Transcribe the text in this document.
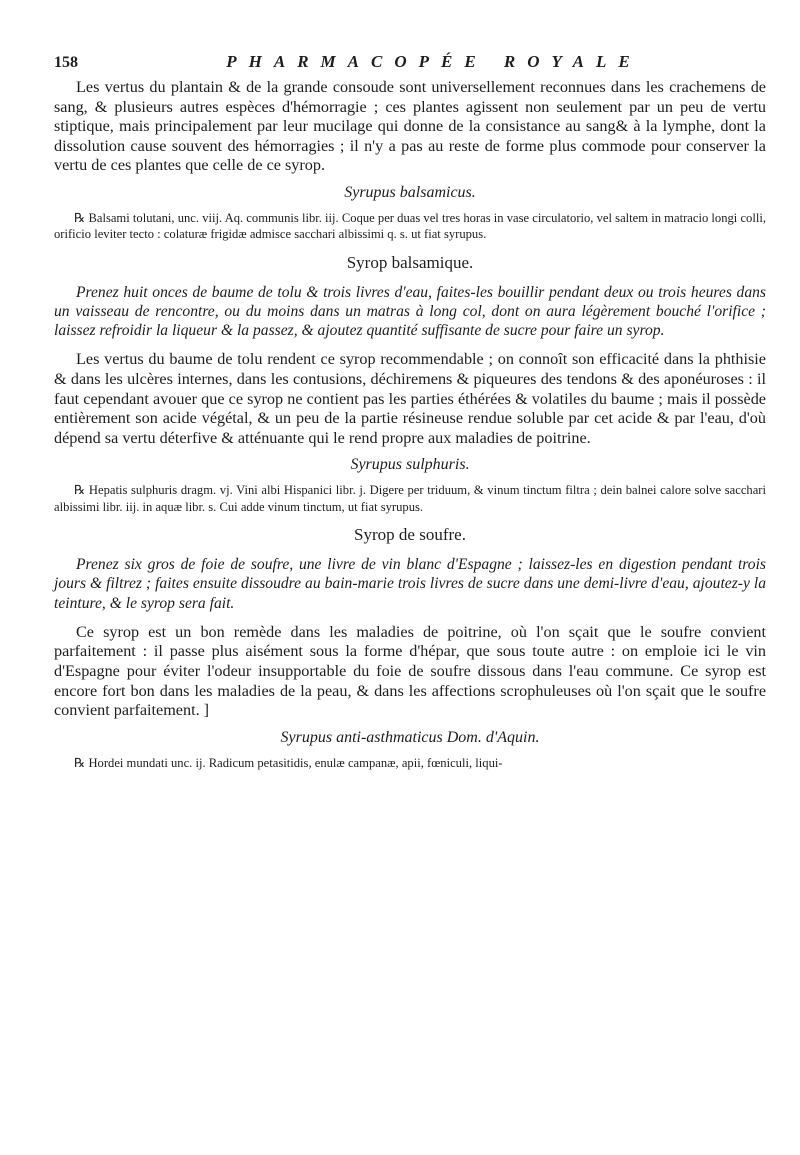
158	PHARMACOPÉE ROYALE

Les vertus du plantain & de la grande consoude sont universellement reconnues dans les crachemens de sang, & plusieurs autres espèces d'hémorragie ; ces plantes agissent non seulement par un peu de vertu stiptique, mais principalement par leur mucilage qui donne de la consistance au sang& à la lymphe, dont la dissolution cause souvent des hémorragies ; il n'y a pas au reste de forme plus commode pour conserver la vertu de ces plantes que celle de ce syrop.

Syrupus balsamicus.

℞ Balsami tolutani, unc. viij. Aq. communis libr. iij. Coque per duas vel tres horas in vase circulatorio, vel saltem in matracio longi colli, orificio leviter tecto : colaturæ frigidæ admisce sacchari albissimi q. s. ut fiat syrupus.

Syrop balsamique.

Prenez huit onces de baume de tolu & trois livres d'eau, faites-les bouillir pendant deux ou trois heures dans un vaisseau de rencontre, ou du moins dans un matras à long col, dont on aura légèrement bouché l'orifice ; laissez refroidir la liqueur & la passez, & ajoutez quantité suffisante de sucre pour faire un syrop.

Les vertus du baume de tolu rendent ce syrop recommendable ; on connoît son efficacité dans la phthisie & dans les ulcères internes, dans les contusions, déchiremens & piqueures des tendons & des aponéuroses : il faut cependant avouer que ce syrop ne contient pas les parties éthérées & volatiles du baume ; mais il possède entièrement son acide végétal, & un peu de la partie résineuse rendue soluble par cet acide & par l'eau, d'où dépend sa vertu déterfive & atténuante qui le rend propre aux maladies de poitrine.

Syrupus sulphuris.

℞ Hepatis sulphuris dragm. vj. Vini albi Hispanici libr. j. Digere per triduum, & vinum tinctum filtra ; dein balnei calore solve sacchari albissimi libr. iij. in aquæ libr. s. Cui adde vinum tinctum, ut fiat syrupus.

Syrop de soufre.

Prenez six gros de foie de soufre, une livre de vin blanc d'Espagne ; laissez-les en digestion pendant trois jours & filtrez ; faites ensuite dissoudre au bain-marie trois livres de sucre dans une demi-livre d'eau, ajoutez-y la teinture, & le syrop sera fait.

Ce syrop est un bon remède dans les maladies de poitrine, où l'on sçait que le soufre convient parfaitement : il passe plus aisément sous la forme d'hépar, que sous toute autre : on emploie ici le vin d'Espagne pour éviter l'odeur insupportable du foie de soufre dissous dans l'eau commune. Ce syrop est encore fort bon dans les maladies de la peau, & dans les affections scrophuleuses où l'on sçait que le soufre convient parfaitement. ]

Syrupus anti-asthmaticus Dom. d'Aquin.

℞ Hordei mundati unc. ij. Radicum petasitidis, enulæ campanæ, apii, fœniculi, liqui-
